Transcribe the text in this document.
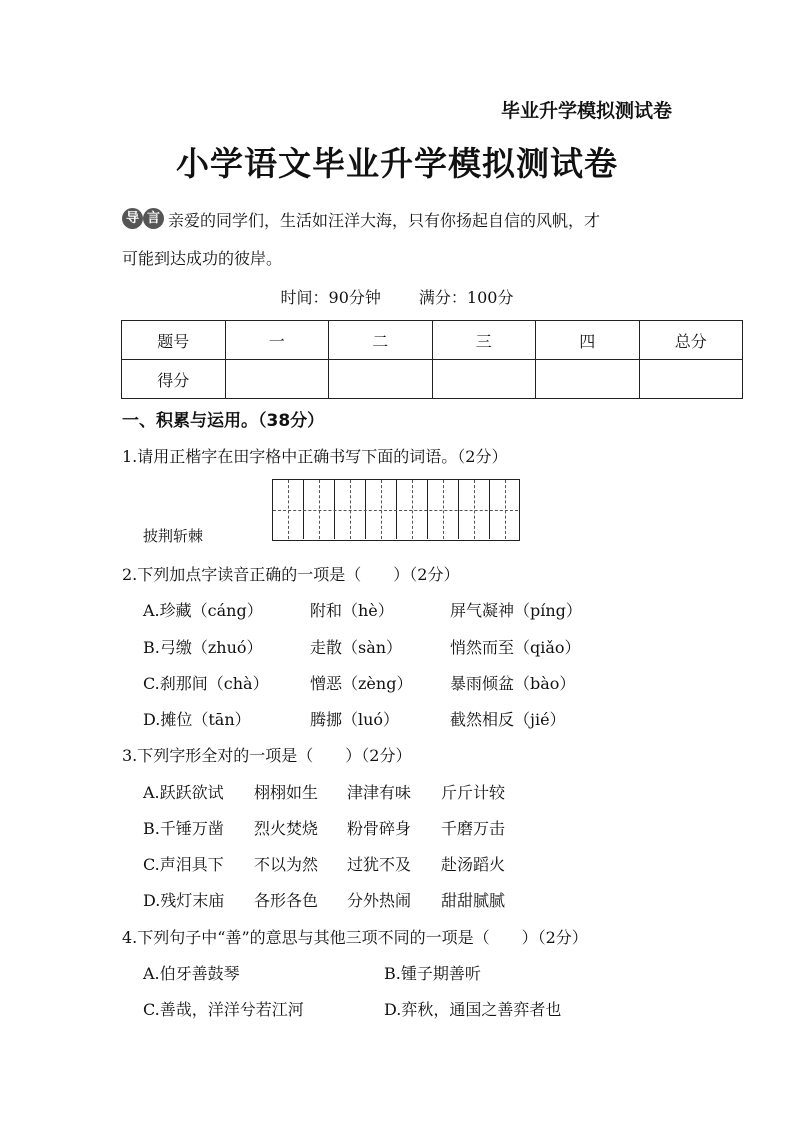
毕业升学模拟测试卷
小学语文毕业升学模拟测试卷
导 言 亲爱的同学们，生活如汪洋大海，只有你扬起自信的风帆，才
可能到达成功的彼岸。
时间：90分钟 满分：100分
题号	一	二	三	四	总分
得分					
一、积累与运用。（38分）
1.请用正楷字在田字格中正确书写下面的词语。（2分）
披荆斩棘
2.下列加点字读音正确的一项是（　　）（2分）
A.珍藏（cáng）	附和（hè）	屏气凝神（píng）
B.弓缴（zhuó）	走散（sàn）	悄然而至（qiǎo）
C.刹那间（chà）	憎恶（zèng） 暴雨倾盆（bào）
D.摊位（tān）	腾挪（luó）	截然相反（jié）
3.下列字形全对的一项是（　　）（2分）
A.跃跃欲试 栩栩如生 津津有味 斤斤计较
B.千锤万凿 烈火焚烧 粉骨碎身 千磨万击
C.声泪具下 不以为然 过犹不及 赴汤蹈火
D.残灯末庙 各形各色 分外热闹 甜甜腻腻
4.下列句子中“善”的意思与其他三项不同的一项是（　　）（2分）
A.伯牙善鼓琴	B.锺子期善听
C.善哉，洋洋兮若江河	D.弈秋，通国之善弈者也
